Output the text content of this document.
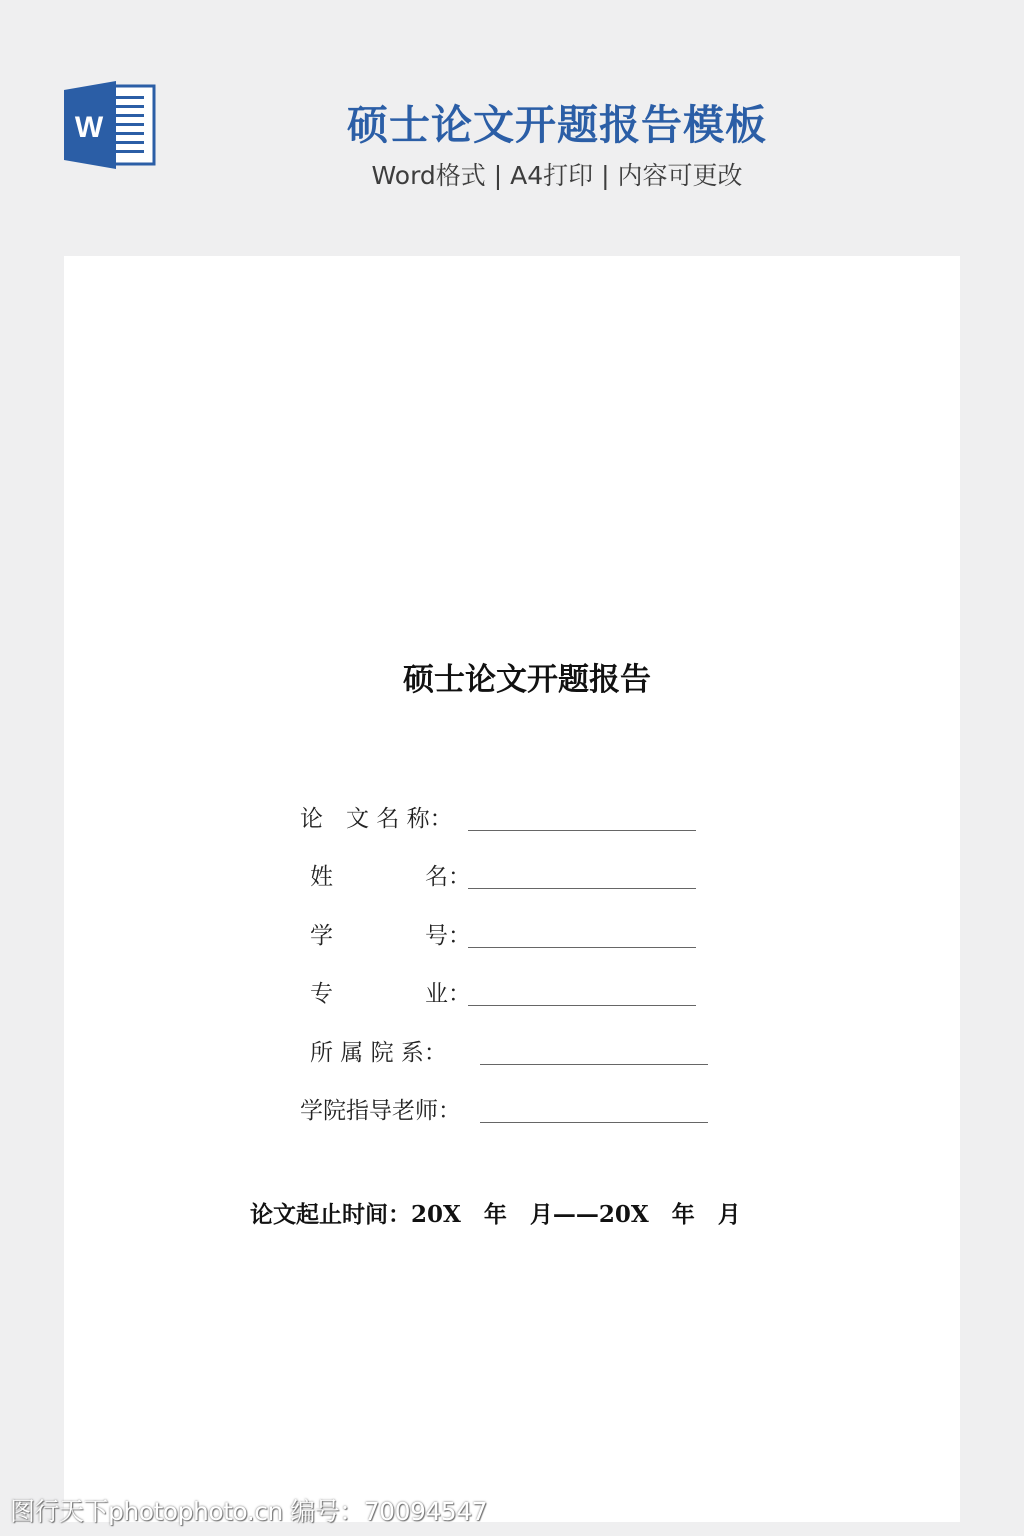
W	硕士论文开题报告模板
Word格式 | A4打印 | 内容可更改
硕士论文开题报告
论　文 名 称：
姓　　　　名：
学　　　　号：
专　　　　业：
所 属 院 系：
学院指导老师：
论文起止时间：20X　年　月——20X　年　月
图行天下photophoto.cn 编号：70094547
